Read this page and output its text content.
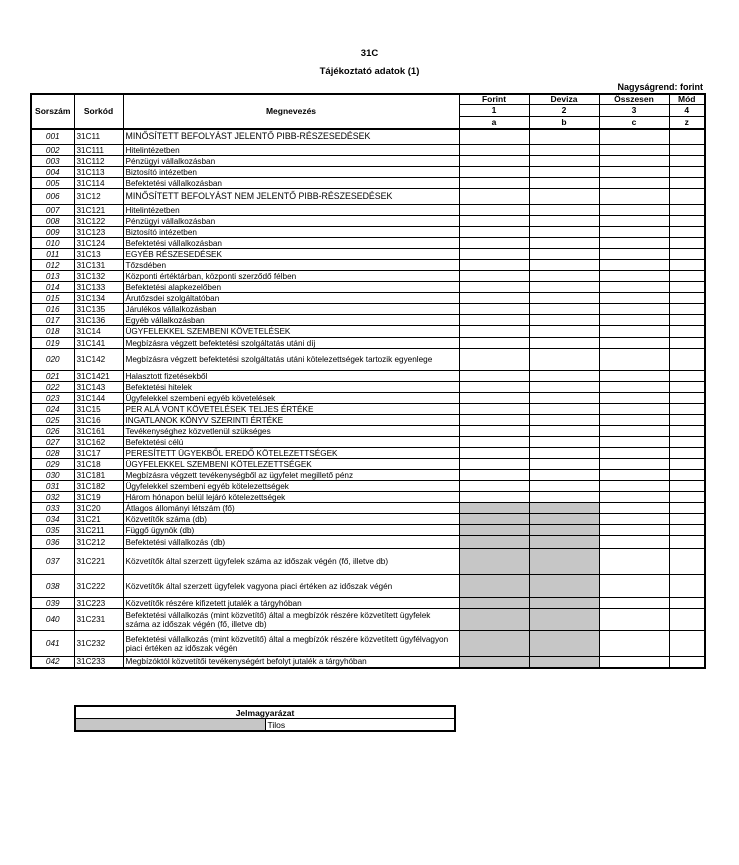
31C
Tájékoztató adatok (1)
Nagyságrend: forint
Sorszám	Sorkód	Megnevezés	Forint	Deviza	Összesen	Mód
			1	2	3	4
			a	b	c	z
001	31C11	MINŐSÍTETT BEFOLYÁST JELENTŐ PIBB-RÉSZESEDÉSEK				
002	31C111	Hitelintézetben				
003	31C112	Pénzügyi vállalkozásban				
004	31C113	Biztosító intézetben				
005	31C114	Befektetési vállalkozásban				
006	31C12	MINŐSÍTETT BEFOLYÁST NEM JELENTŐ PIBB-RÉSZESEDÉSEK				
007	31C121	Hitelintézetben				
008	31C122	Pénzügyi vállalkozásban				
009	31C123	Biztosító intézetben				
010	31C124	Befektetési vállalkozásban				
011	31C13	EGYÉB RÉSZESEDÉSEK				
012	31C131	Tőzsdében				
013	31C132	Központi értéktárban, központi szerződő félben				
014	31C133	Befektetési alapkezelőben				
015	31C134	Árutőzsdei szolgáltatóban				
016	31C135	Járulékos vállalkozásban				
017	31C136	Egyéb vállalkozásban				
018	31C14	ÜGYFELEKKEL SZEMBENI KÖVETELÉSEK				
019	31C141	Megbízásra végzett befektetési szolgáltatás utáni díj				
020	31C142	Megbízásra végzett befektetési szolgáltatás utáni kötelezettségek tartozik egyenlege				
021	31C1421	Halasztott fizetésekből				
022	31C143	Befektetési hitelek				
023	31C144	Ügyfelekkel szembeni egyéb követelések				
024	31C15	PER ALÁ VONT KÖVETELÉSEK TELJES ÉRTÉKE				
025	31C16	INGATLANOK KÖNYV SZERINTI ÉRTÉKE				
026	31C161	Tevékenységhez közvetlenül szükséges				
027	31C162	Befektetési célú				
028	31C17	PERESÍTETT ÜGYEKBŐL EREDŐ KÖTELEZETTSÉGEK				
029	31C18	ÜGYFELEKKEL SZEMBENI KÖTELEZETTSÉGEK				
030	31C181	Megbízásra végzett tevékenységből az ügyfelet megillető pénz				
031	31C182	Ügyfelekkel szembeni egyéb kötelezettségek				
032	31C19	Három hónapon belül lejáró kötelezettségek				
033	31C20	Átlagos állományi létszám (fő)				
034	31C21	Közvetítők száma (db)				
035	31C211	Függő ügynök (db)				
036	31C212	Befektetési vállalkozás (db)				
037	31C221	Közvetítők által szerzett ügyfelek száma az időszak végén (fő, illetve db)				
038	31C222	Közvetítők által szerzett ügyfelek vagyona piaci értéken az időszak végén				
039	31C223	Közvetítők részére kifizetett jutalék a tárgyhóban				
040	31C231	Befektetési vállalkozás (mint közvetítő) által a megbízók részére közvetített ügyfelek száma az időszak végén (fő, illetve db)				
041	31C232	Befektetési vállalkozás (mint közvetítő) által a megbízók részére közvetített ügyfélvagyon piaci értéken az időszak végén				
042	31C233	Megbízóktól közvetítői tevékenységért befolyt jutalék a tárgyhóban				
Jelmagyarázat
	Tilos
